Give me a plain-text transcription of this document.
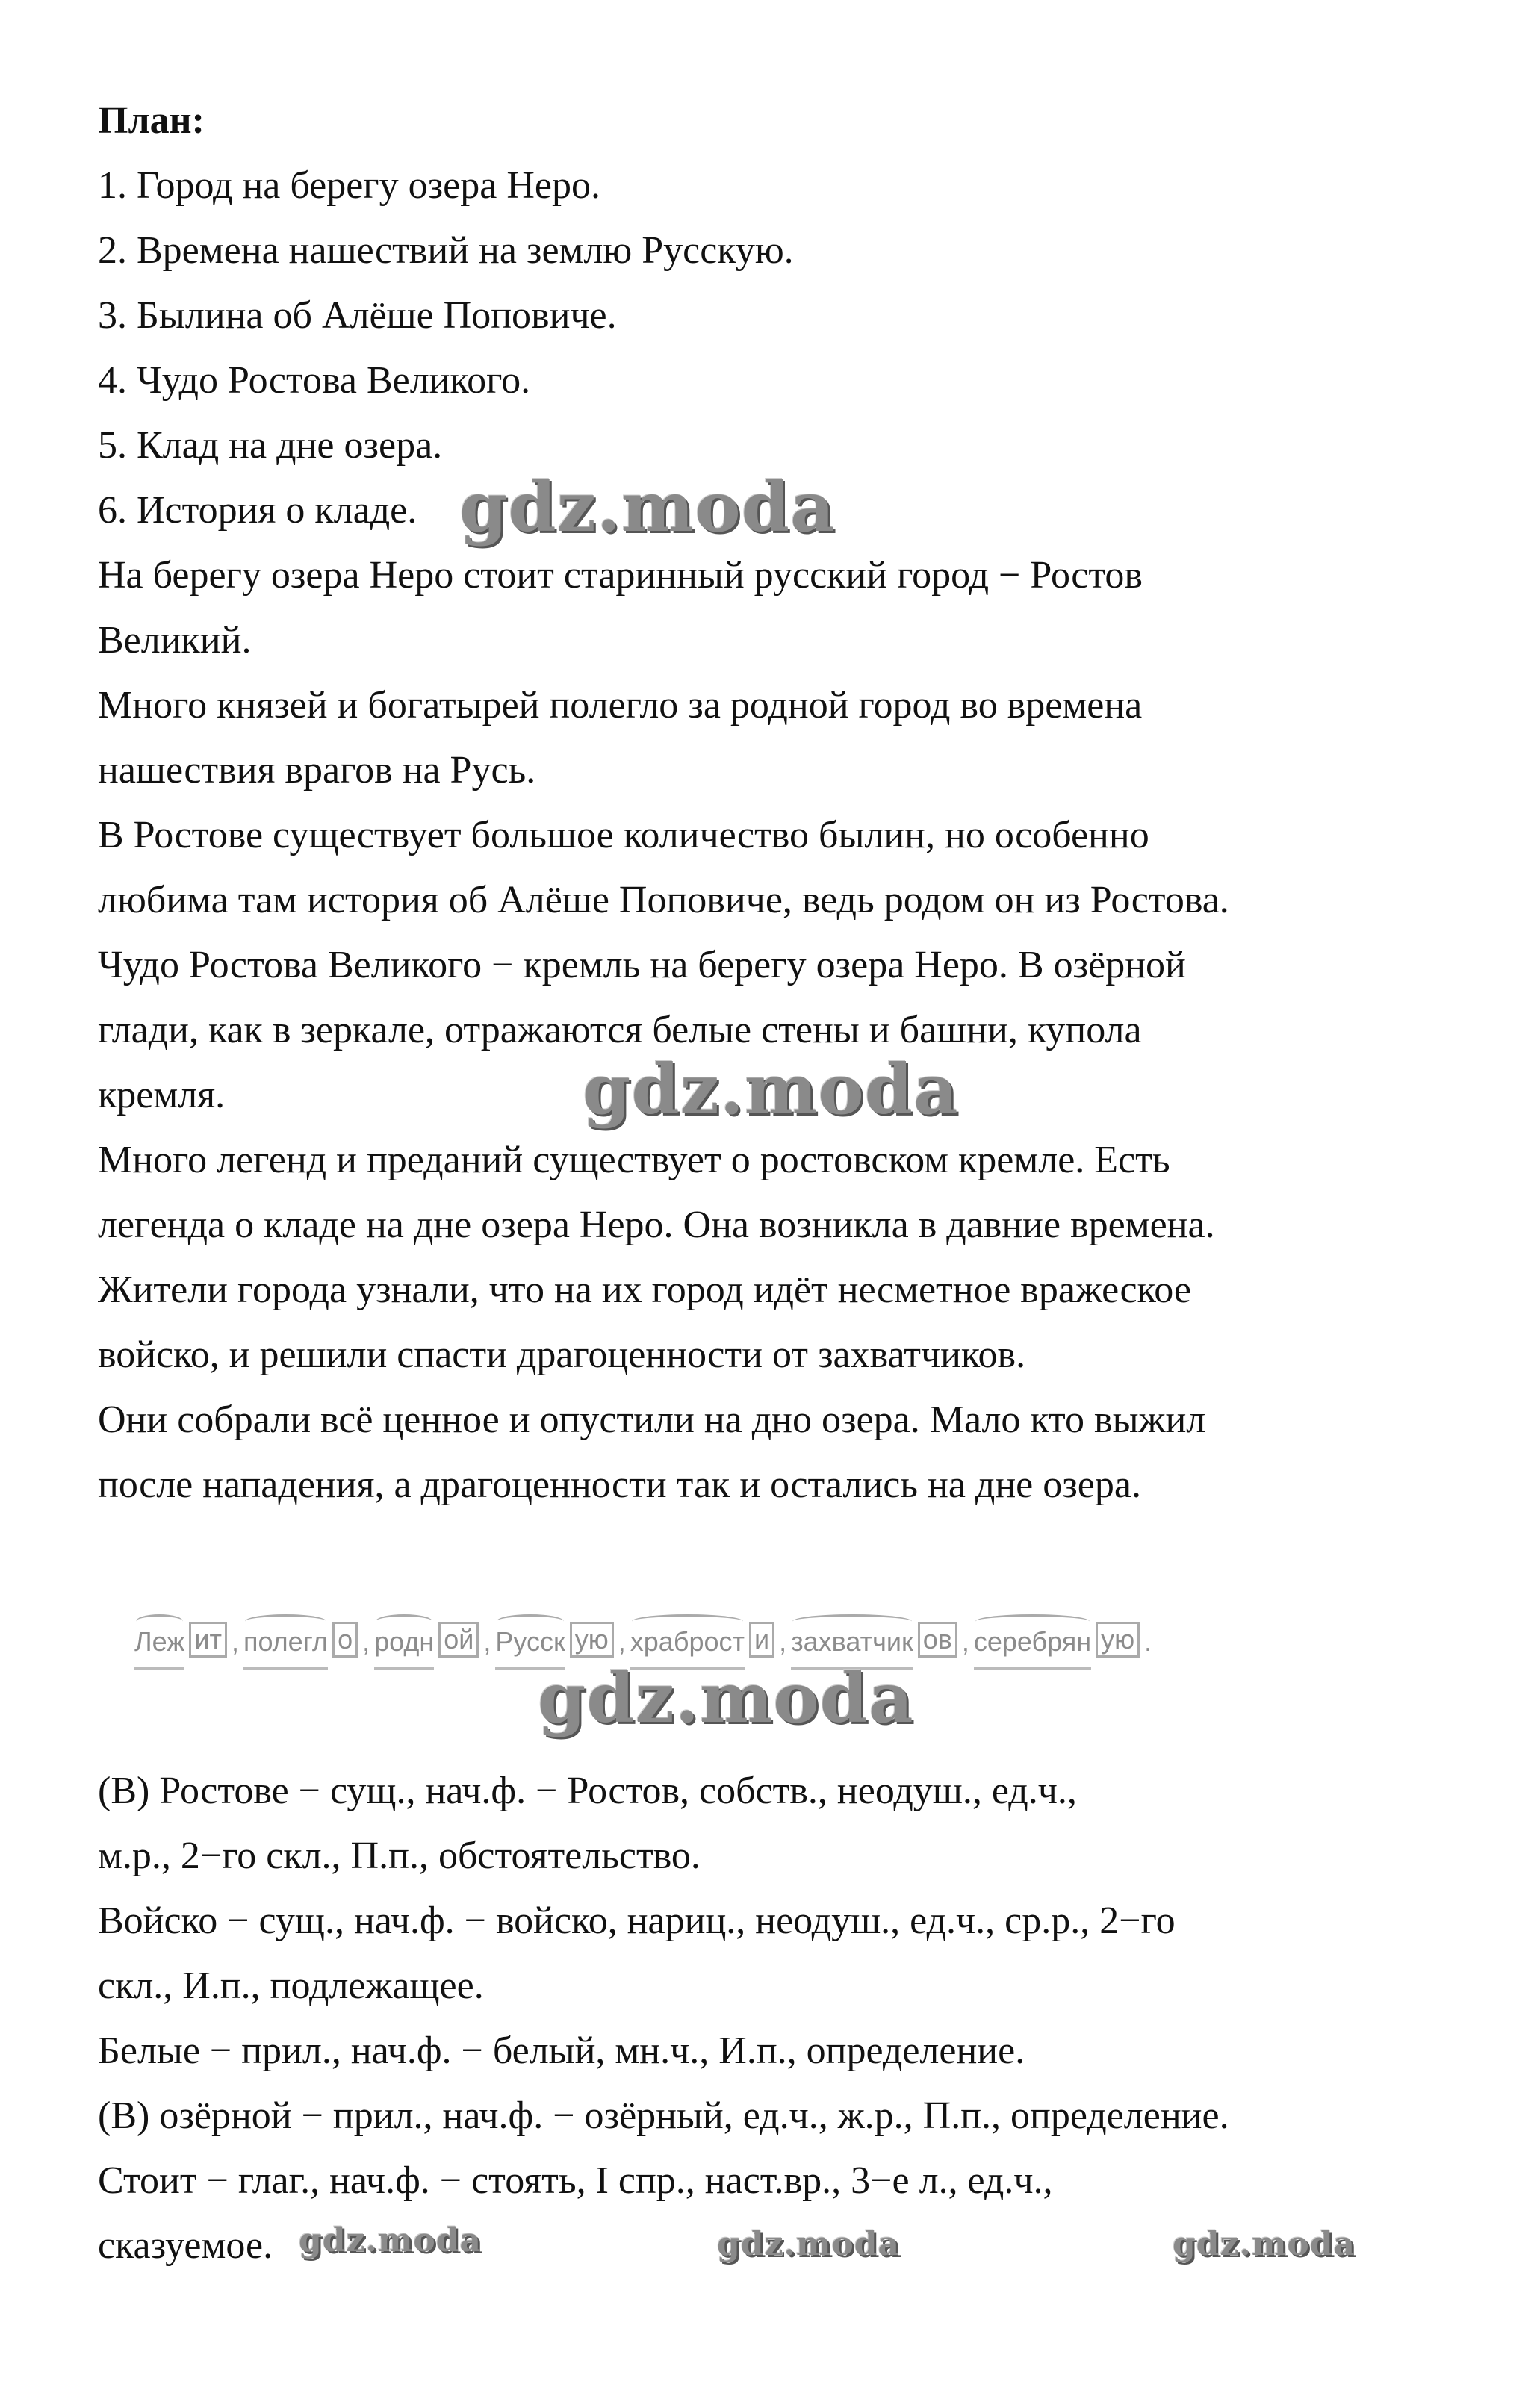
План:
1. Город на берегу озера Неро.
2. Времена нашествий на землю Русскую.
3. Былина об Алёше Поповиче.
4. Чудо Ростова Великого.
5. Клад на дне озера.
6. История о кладе.
На берегу озера Неро стоит старинный русский город − Ростов
Великий.
Много князей и богатырей полегло за родной город во времена
нашествия врагов на Русь.
В Ростове существует большое количество былин, но особенно
любима там история об Алёше Поповиче, ведь родом он из Ростова.
Чудо Ростова Великого − кремль на берегу озера Неро. В озёрной
глади, как в зеркале, отражаются белые стены и башни, купола
кремля.
Много легенд и преданий существует о ростовском кремле. Есть
легенда о кладе на дне озера Неро. Она возникла в давние времена.
Жители города узнали, что на их город идёт несметное вражеское
войско, и решили спасти драгоценности от захватчиков.
Они собрали всё ценное и опустили на дно озера. Мало кто выжил
после нападения, а драгоценности так и остались на дне озера.
Леж ит , полегл о , родн ой , Русск ую , храброст и , захватчик ов , серебрян ую .
(В) Ростове − сущ., нач.ф. − Ростов, собств., неодуш., ед.ч.,
м.р., 2−го скл., П.п., обстоятельство.
Войско − сущ., нач.ф. − войско, нариц., неодуш., ед.ч., ср.р., 2−го
скл., И.п., подлежащее.
Белые − прил., нач.ф. − белый, мн.ч., И.п., определение.
(В) озёрной − прил., нач.ф. − озёрный, ед.ч., ж.р., П.п., определение.
Стоит − глаг., нач.ф. − стоять, I спр., наст.вр., 3−е л., ед.ч.,
сказуемое.
gdz.moda
gdz.moda
gdz.moda
gdz.moda	gdz.moda	gdz.moda
